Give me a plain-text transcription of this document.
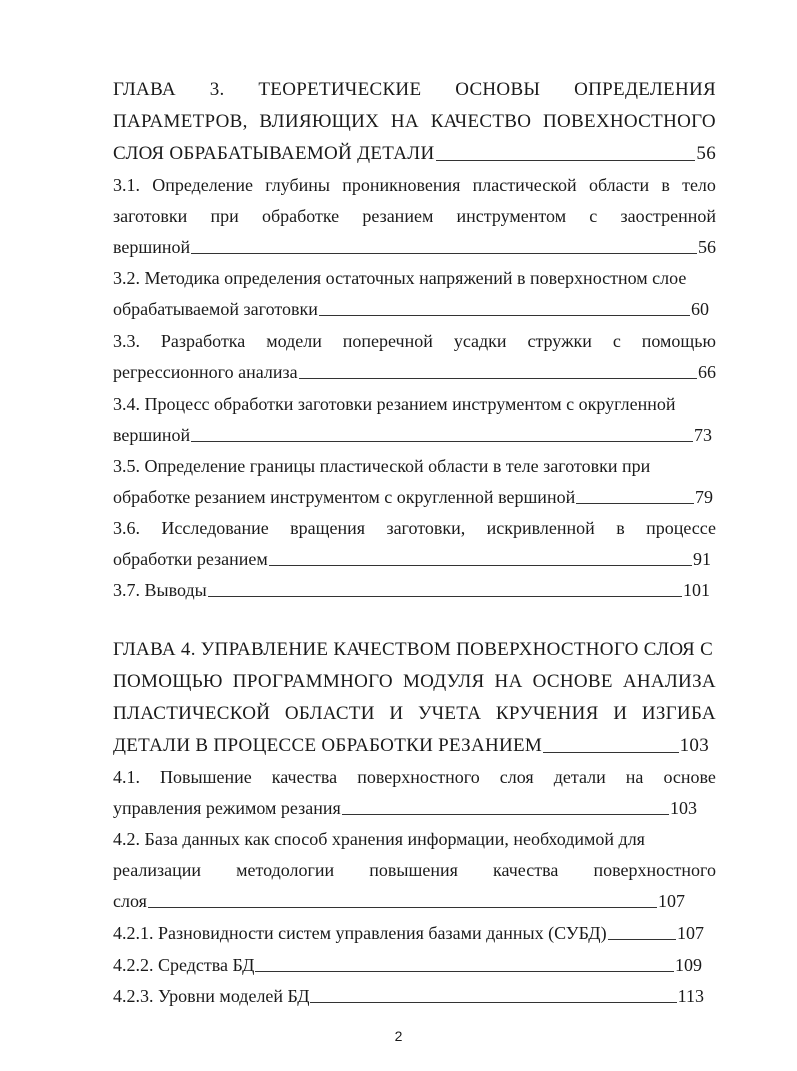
ГЛАВА 3. ТЕОРЕТИЧЕСКИЕ ОСНОВЫ ОПРЕДЕЛЕНИЯ
ПАРАМЕТРОВ, ВЛИЯЮЩИХ НА КАЧЕСТВО ПОВЕХНОСТНОГО
СЛОЯ ОБРАБАТЫВАЕМОЙ ДЕТАЛИ	56
3.1. Определение глубины проникновения пластической области в тело
заготовки при обработке резанием инструментом с заостренной
вершиной	56
3.2. Методика определения остаточных напряжений в поверхностном слое
обрабатываемой заготовки	60
3.3. Разработка модели поперечной усадки стружки с помощью
регрессионного анализа	66
3.4. Процесс обработки заготовки резанием инструментом с округленной
вершиной	73
3.5. Определение границы пластической области в теле заготовки при
обработке резанием инструментом с округленной вершиной	79
3.6. Исследование вращения заготовки, искривленной в процессе
обработки резанием	91
3.7. Выводы	101
ГЛАВА 4. УПРАВЛЕНИЕ КАЧЕСТВОМ ПОВЕРХНОСТНОГО СЛОЯ С
ПОМОЩЬЮ ПРОГРАММНОГО МОДУЛЯ НА ОСНОВЕ АНАЛИЗА
ПЛАСТИЧЕСКОЙ ОБЛАСТИ И УЧЕТА КРУЧЕНИЯ И ИЗГИБА
ДЕТАЛИ В ПРОЦЕССЕ ОБРАБОТКИ РЕЗАНИЕМ	103
4.1. Повышение качества поверхностного слоя детали на основе
управления режимом резания	103
4.2. База данных как способ хранения информации, необходимой для
реализации методологии повышения качества поверхностного
слоя	107
4.2.1. Разновидности систем управления базами данных (СУБД)	107
4.2.2. Средства БД	109
4.2.3. Уровни моделей БД	113
2
